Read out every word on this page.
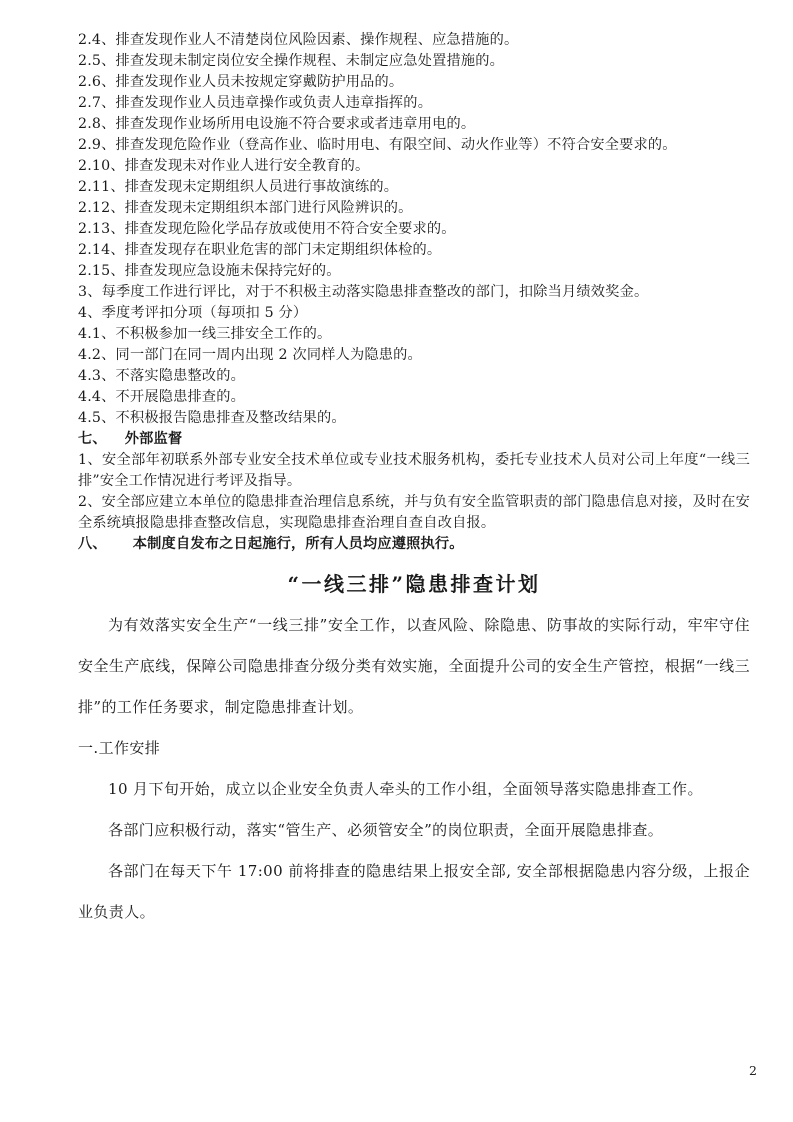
2.4、排查发现作业人不清楚岗位风险因素、操作规程、应急措施的。
2.5、排查发现未制定岗位安全操作规程、未制定应急处置措施的。
2.6、排查发现作业人员未按规定穿戴防护用品的。
2.7、排查发现作业人员违章操作或负责人违章指挥的。
2.8、排查发现作业场所用电设施不符合要求或者违章用电的。
2.9、排查发现危险作业（登高作业、临时用电、有限空间、动火作业等）不符合安全要求的。
2.10、排查发现未对作业人进行安全教育的。
2.11、排查发现未定期组织人员进行事故演练的。
2.12、排查发现未定期组织本部门进行风险辨识的。
2.13、排查发现危险化学品存放或使用不符合安全要求的。
2.14、排查发现存在职业危害的部门未定期组织体检的。
2.15、排查发现应急设施未保持完好的。
3、每季度工作进行评比，对于不积极主动落实隐患排查整改的部门，扣除当月绩效奖金。
4、季度考评扣分项（每项扣 5 分）
4.1、不积极参加一线三排安全工作的。
4.2、同一部门在同一周内出现 2 次同样人为隐患的。
4.3、不落实隐患整改的。
4.4、不开展隐患排查的。
4.5、不积极报告隐患排查及整改结果的。
七、 外部监督
1、安全部年初联系外部专业安全技术单位或专业技术服务机构，委托专业技术人员对公司上年度“一线三排”安全工作情况进行考评及指导。
2、安全部应建立本单位的隐患排查治理信息系统，并与负有安全监管职责的部门隐患信息对接，及时在安全系统填报隐患排查整改信息，实现隐患排查治理自查自改自报。
八、 本制度自发布之日起施行，所有人员均应遵照执行。
“一线三排”隐患排查计划
为有效落实安全生产“一线三排”安全工作，以查风险、除隐患、防事故的实际行动，牢牢守住安全生产底线，保障公司隐患排查分级分类有效实施，全面提升公司的安全生产管控，根据“一线三排”的工作任务要求，制定隐患排查计划。
一.工作安排
10 月下旬开始，成立以企业安全负责人牵头的工作小组，全面领导落实隐患排查工作。
各部门应积极行动，落实“管生产、必须管安全”的岗位职责，全面开展隐患排查。
各部门在每天下午 17:00 前将排查的隐患结果上报安全部, 安全部根据隐患内容分级，上报企业负责人。
2
